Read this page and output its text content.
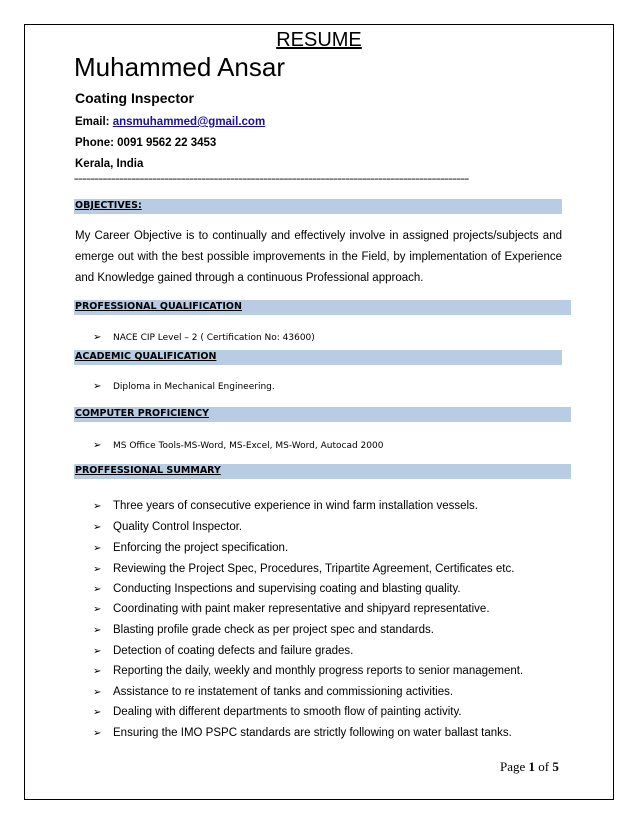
RESUME
Muhammed Ansar
Coating Inspector
Email: ansmuhammed@gmail.com
Phone: 0091 9562 22 3453
Kerala, India
================================================================================================
OBJECTIVES:
My Career Objective is to continually and effectively involve in assigned projects/subjects and emerge out with the best possible improvements in the Field, by implementation of Experience and Knowledge gained through a continuous Professional approach.
PROFESSIONAL QUALIFICATION
➢ NACE CIP Level – 2 ( Certification No: 43600)
ACADEMIC QUALIFICATION
➢ Diploma in Mechanical Engineering.
COMPUTER PROFICIENCY
➢ MS Office Tools-MS-Word, MS-Excel, MS-Word, Autocad 2000
PROFFESSIONAL SUMMARY
➢ Three years of consecutive experience in wind farm installation vessels.
➢ Quality Control Inspector.
➢ Enforcing the project specification.
➢ Reviewing the Project Spec, Procedures, Tripartite Agreement, Certificates etc.
➢ Conducting Inspections and supervising coating and blasting quality.
➢ Coordinating with paint maker representative and shipyard representative.
➢ Blasting profile grade check as per project spec and standards.
➢ Detection of coating defects and failure grades.
➢ Reporting the daily, weekly and monthly progress reports to senior management.
➢ Assistance to re instatement of tanks and commissioning activities.
➢ Dealing with different departments to smooth flow of painting activity.
➢ Ensuring the IMO PSPC standards are strictly following on water ballast tanks.
Page 1 of 5
